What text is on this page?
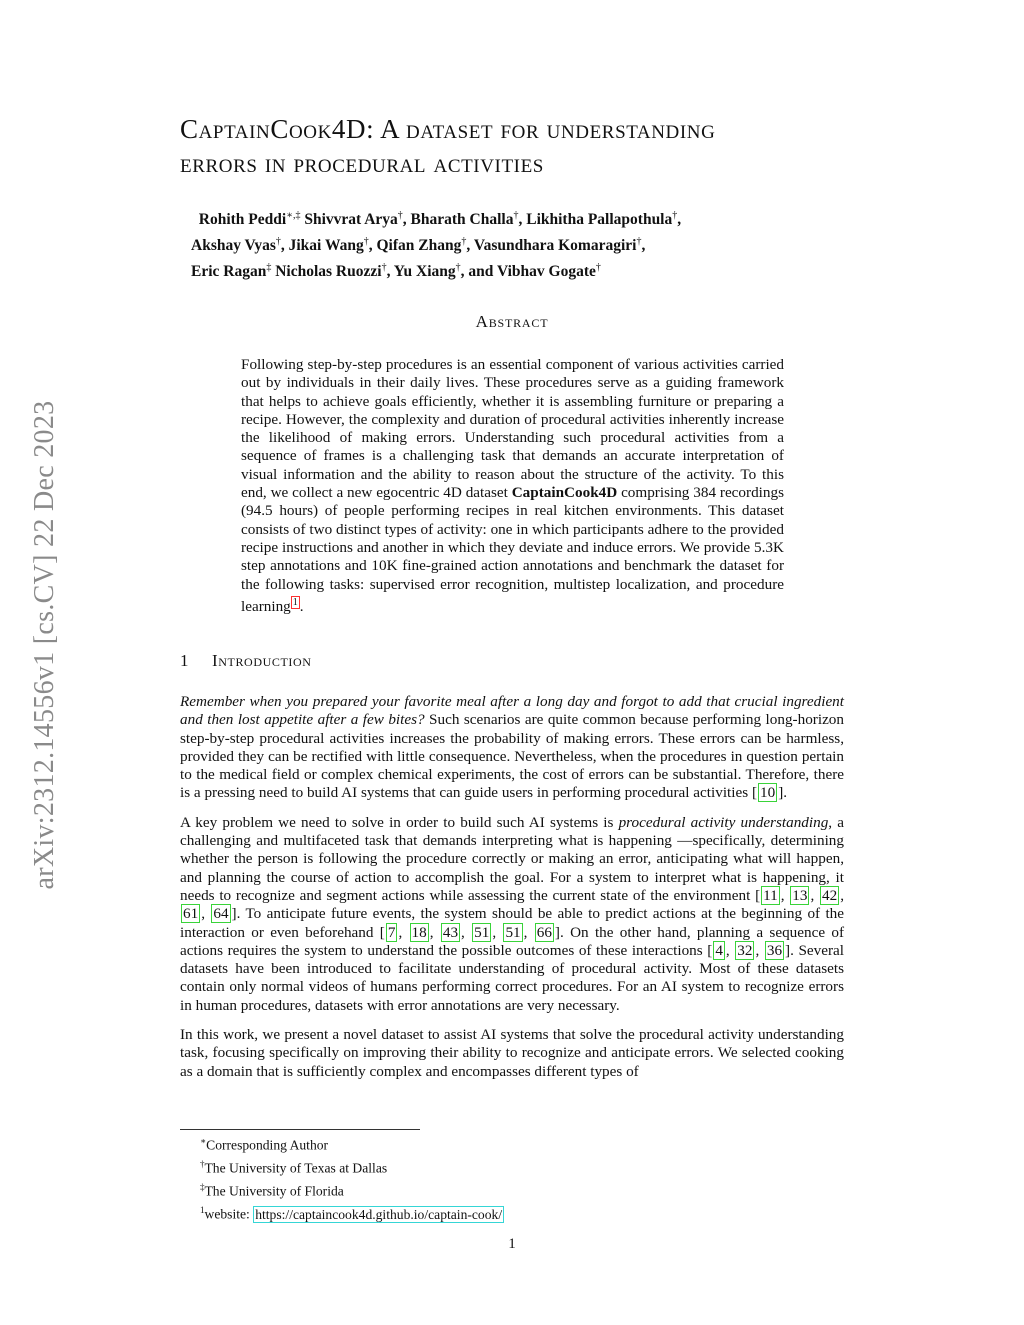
arXiv:2312.14556v1 [cs.CV] 22 Dec 2023
CaptainCook4D: A dataset for understanding
errors in procedural activities
Rohith Peddi∗,‡ Shivvrat Arya†, Bharath Challa†, Likhitha Pallapothula†,
Akshay Vyas†, Jikai Wang†, Qifan Zhang†, Vasundhara Komaragiri†,
Eric Ragan‡ Nicholas Ruozzi†, Yu Xiang†, and Vibhav Gogate†
Abstract
Following step-by-step procedures is an essential component of various activities carried out by individuals in their daily lives. These procedures serve as a guiding framework that helps to achieve goals efficiently, whether it is assembling furniture or preparing a recipe. However, the complexity and duration of procedural activities inherently increase the likelihood of making errors. Understanding such procedural activities from a sequence of frames is a challenging task that demands an accurate interpretation of visual information and the ability to reason about the structure of the activity. To this end, we collect a new egocentric 4D dataset CaptainCook4D comprising 384 recordings (94.5 hours) of people performing recipes in real kitchen environments. This dataset consists of two distinct types of activity: one in which participants adhere to the provided recipe instructions and another in which they deviate and induce errors. We provide 5.3K step annotations and 10K fine-grained action annotations and benchmark the dataset for the following tasks: supervised error recognition, multistep localization, and procedure learning $^1$ .
1 Introduction

Remember when you prepared your favorite meal after a long day and forgot to add that crucial ingredient and then lost appetite after a few bites? Such scenarios are quite common because performing long-horizon step-by-step procedural activities increases the probability of making errors. These errors can be harmless, provided they can be rectified with little consequence. Nevertheless, when the procedures in question pertain to the medical field or complex chemical experiments, the cost of errors can be substantial. Therefore, there is a pressing need to build AI systems that can guide users in performing procedural activities [ 10 ].

A key problem we need to solve in order to build such AI systems is procedural activity understanding, a challenging and multifaceted task that demands interpreting what is happening —specifically, determining whether the person is following the procedure correctly or making an error, anticipating what will happen, and planning the course of action to accomplish the goal. For a system to interpret what is happening, it needs to recognize and segment actions while assessing the current state of the environment [ 11 , 13 , 42 , 61 , 64 ]. To anticipate future events, the system should be able to predict actions at the beginning of the interaction or even beforehand [ 7 , 18 , 43 , 51 , 51 , 66 ]. On the other hand, planning a sequence of actions requires the system to understand the possible outcomes of these interactions [ 4 , 32 , 36 ]. Several datasets have been introduced to facilitate understanding of procedural activity. Most of these datasets contain only normal videos of humans performing correct procedures. For an AI system to recognize errors in human procedures, datasets with error annotations are very necessary.

In this work, we present a novel dataset to assist AI systems that solve the procedural activity understanding task, focusing specifically on improving their ability to recognize and anticipate errors. We selected cooking as a domain that is sufficiently complex and encompasses different types of

∗Corresponding Author
†The University of Texas at Dallas
‡The University of Florida
$^1$website: https://captaincook4d.github.io/captain-cook/
1
